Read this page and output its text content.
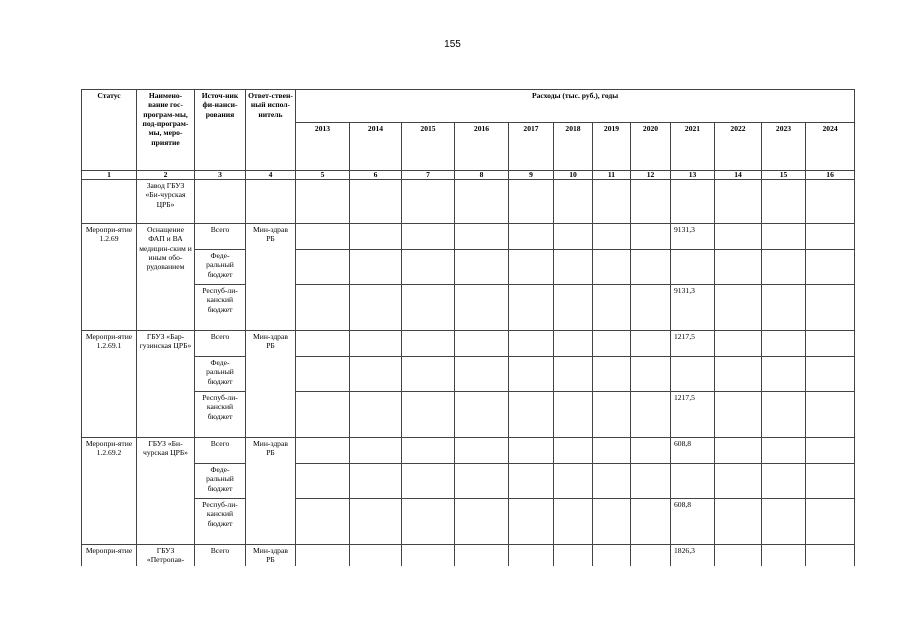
155
Статус	Наимено-вание гос-програм-мы, под-програм-мы, меро-приятие	Источ-ник фи-нанси-рования	Ответ-ствен-ный испол-нитель	Расходы (тыс. руб.), годы											
				2013	2014	2015	2016	2017	2018	2019	2020	2021	2022	2023	2024
1	2	3	4	5	6	7	8	9	10	11	12	13	14	15	16
	Завод ГБУЗ «Би-чурская ЦРБ»														
Меропри-ятие 1.2.69	Оснащение ФАП и ВА медицин-ским и иным обо-рудованием	Всего	Мин-здрав РБ									9131,3			
		Феде-ральный бюджет													
		Респуб-ли-канский бюджет										9131,3			
Меропри-ятие 1.2.69.1	ГБУЗ «Бар-гузинская ЦРБ»	Всего	Мин-здрав РБ									1217,5			
		Феде-ральный бюджет													
		Респуб-ли-канский бюджет										1217,5			
Меропри-ятие 1.2.69.2	ГБУЗ «Би-чурская ЦРБ»	Всего	Мин-здрав РБ									608,8			
		Феде-ральный бюджет													
		Респуб-ли-канский бюджет										608,8			
Меропри-ятие	ГБУЗ «Петропав-	Всего	Мин-здрав РБ									1826,3			
